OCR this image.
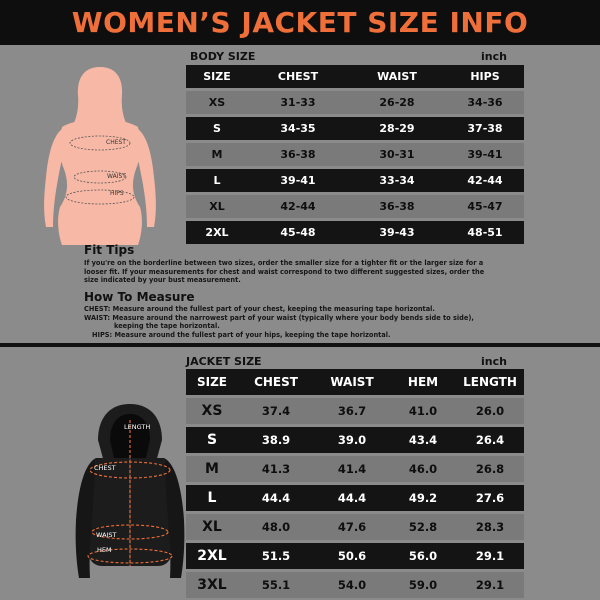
WOMEN’S JACKET SIZE INFO
CHEST
WAIST
HIPS
BODY SIZE	inch
SIZE	CHEST	WAIST	HIPS
XS	31-33	26-28	34-36
S	34-35	28-29	37-38
M	36-38	30-31	39-41
L	39-41	33-34	42-44
XL	42-44	36-38	45-47
2XL	45-48	39-43	48-51
Fit Tips
If you're on the borderline between two sizes, order the smaller size for a tighter fit or the larger size for a
looser fit. If your measurements for chest and waist correspond to two different suggested sizes, order the
size indicated by your bust measurement.
How To Measure
CHEST: Measure around the fullest part of your chest, keeping the measuring tape horizontal.
WAIST: Measure around the narrowest part of your waist (typically where your body bends side to side),
keeping the tape horizontal.
HIPS: Measure around the fullest part of your hips, keeping the tape horizontal.
LENGTH
CHEST
WAIST
HEM
JACKET SIZE	inch
SIZE	CHEST	WAIST	HEM	LENGTH
XS	37.4	36.7	41.0	26.0
S	38.9	39.0	43.4	26.4
M	41.3	41.4	46.0	26.8
L	44.4	44.4	49.2	27.6
XL	48.0	47.6	52.8	28.3
2XL	51.5	50.6	56.0	29.1
3XL	55.1	54.0	59.0	29.1
